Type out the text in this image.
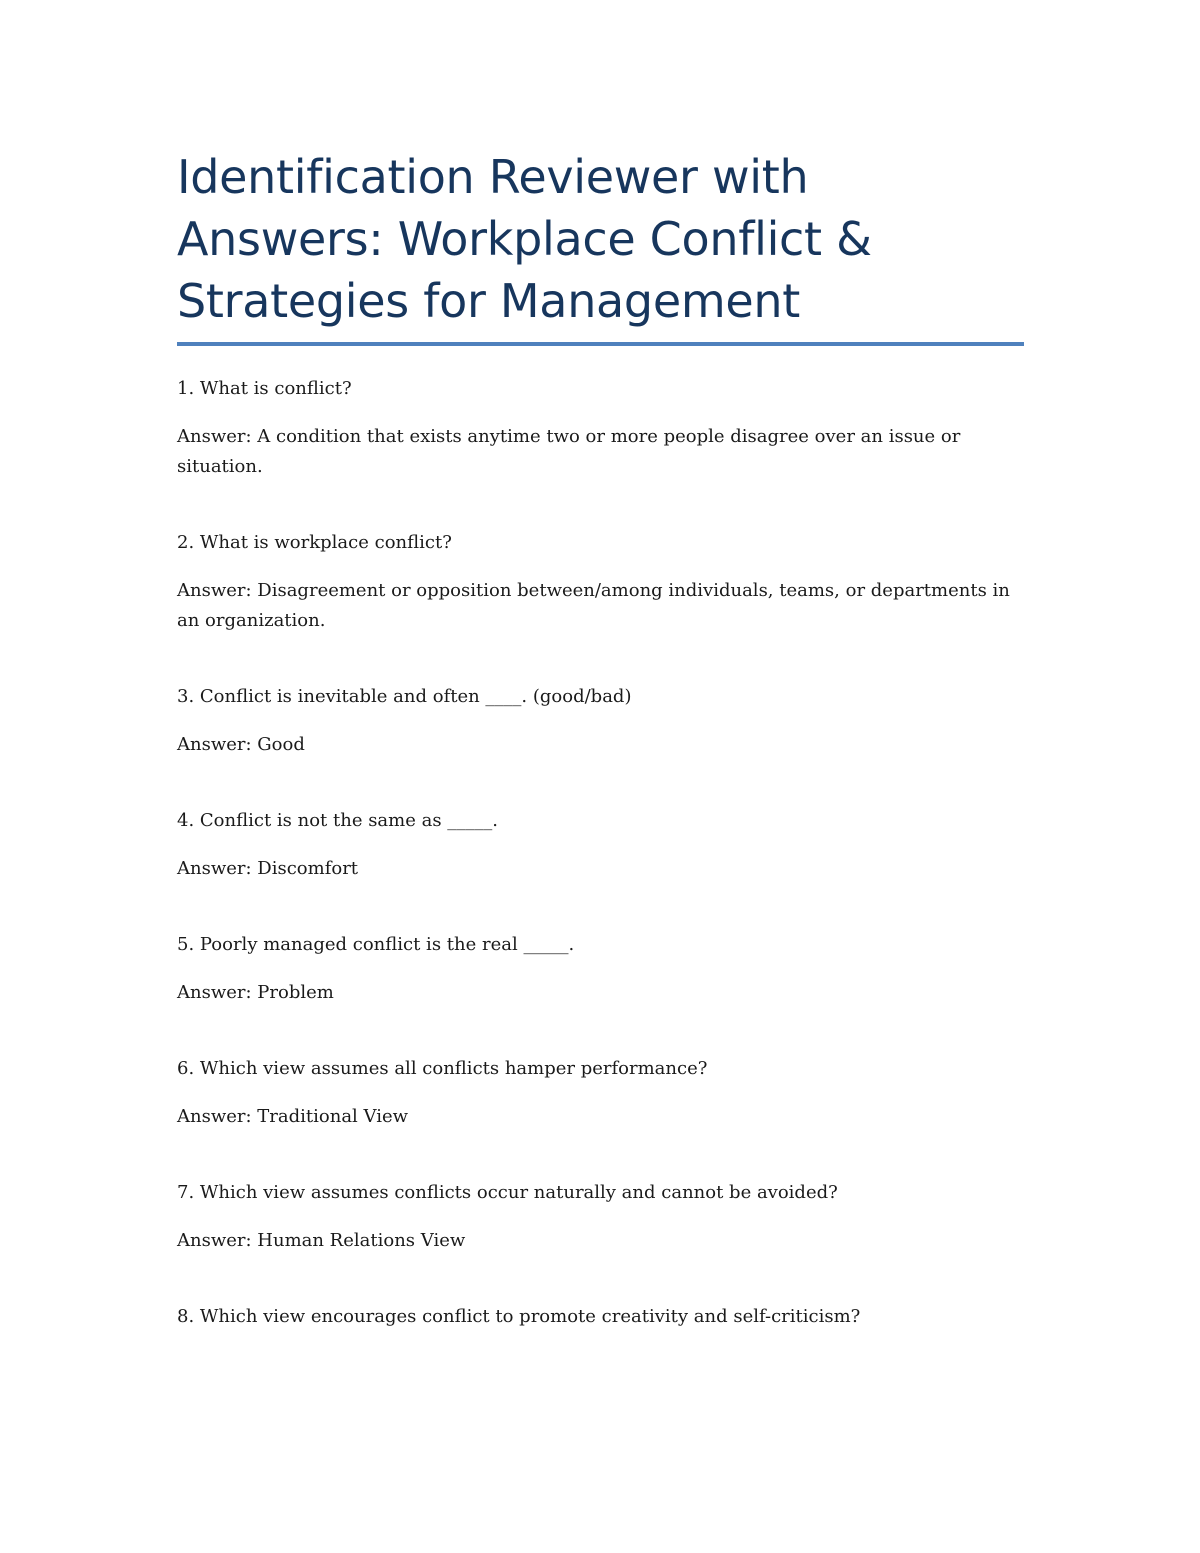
Identification Reviewer with Answers: Workplace Conflict & Strategies for Management

1. What is conflict?

Answer: A condition that exists anytime two or more people disagree over an issue or situation.

2. What is workplace conflict?

Answer: Disagreement or opposition between/among individuals, teams, or departments in an organization.

3. Conflict is inevitable and often ____. (good/bad)

Answer: Good

4. Conflict is not the same as _____.

Answer: Discomfort

5. Poorly managed conflict is the real _____.

Answer: Problem

6. Which view assumes all conflicts hamper performance?

Answer: Traditional View

7. Which view assumes conflicts occur naturally and cannot be avoided?

Answer: Human Relations View

8. Which view encourages conflict to promote creativity and self-criticism?
